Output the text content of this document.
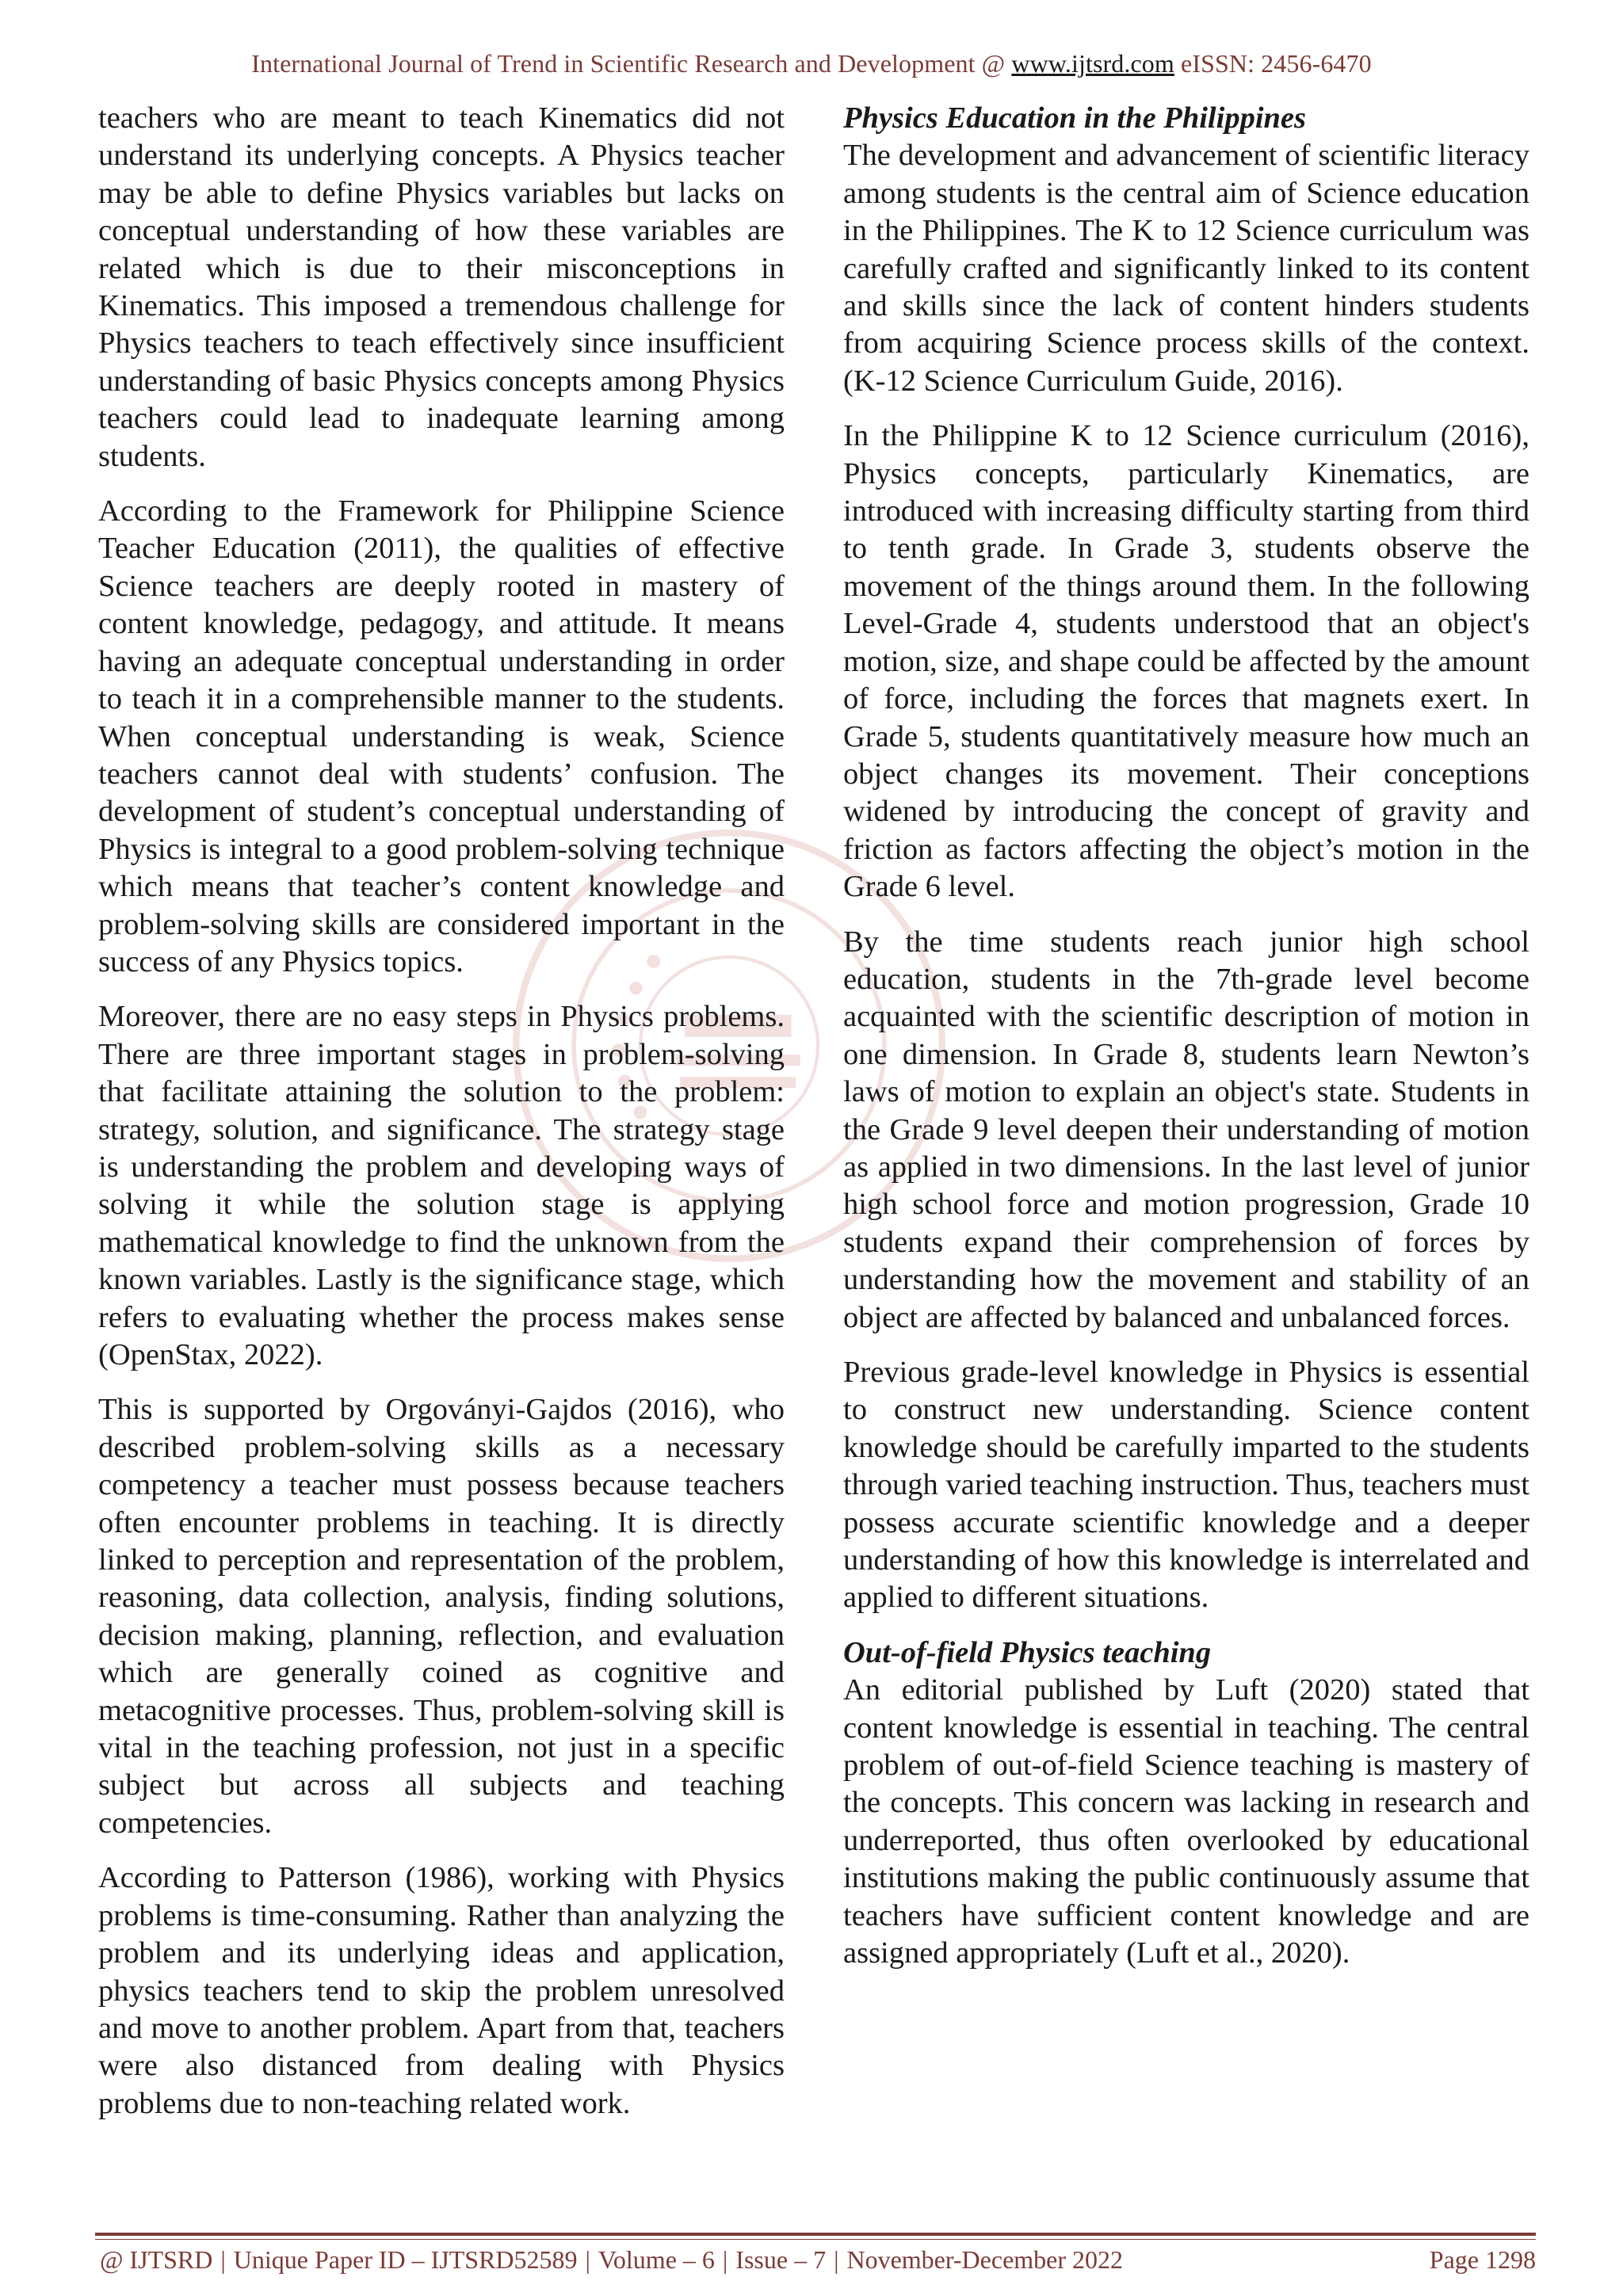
International Journal of Trend in Scientific Research and Development @ www.ijtsrd.com eISSN: 2456-6470

teachers who are meant to teach Kinematics did not understand its underlying concepts. A Physics teacher may be able to define Physics variables but lacks on conceptual understanding of how these variables are related which is due to their misconceptions in Kinematics. This imposed a tremendous challenge for Physics teachers to teach effectively since insufficient understanding of basic Physics concepts among Physics teachers could lead to inadequate learning among students.

According to the Framework for Philippine Science Teacher Education (2011), the qualities of effective Science teachers are deeply rooted in mastery of content knowledge, pedagogy, and attitude. It means having an adequate conceptual understanding in order to teach it in a comprehensible manner to the students. When conceptual understanding is weak, Science teachers cannot deal with students’ confusion. The development of student’s conceptual understanding of Physics is integral to a good problem-solving technique which means that teacher’s content knowledge and problem-solving skills are considered important in the success of any Physics topics.

Moreover, there are no easy steps in Physics problems. There are three important stages in problem-solving that facilitate attaining the solution to the problem: strategy, solution, and significance. The strategy stage is understanding the problem and developing ways of solving it while the solution stage is applying mathematical knowledge to find the unknown from the known variables. Lastly is the significance stage, which refers to evaluating whether the process makes sense (OpenStax, 2022).

This is supported by Orgoványi-Gajdos (2016), who described problem-solving skills as a necessary competency a teacher must possess because teachers often encounter problems in teaching. It is directly linked to perception and representation of the problem, reasoning, data collection, analysis, finding solutions, decision making, planning, reflection, and evaluation which are generally coined as cognitive and metacognitive processes. Thus, problem-solving skill is vital in the teaching profession, not just in a specific subject but across all subjects and teaching competencies.

According to Patterson (1986), working with Physics problems is time-consuming. Rather than analyzing the problem and its underlying ideas and application, physics teachers tend to skip the problem unresolved and move to another problem. Apart from that, teachers were also distanced from dealing with Physics problems due to non-teaching related work.

Physics Education in the Philippines

The development and advancement of scientific literacy among students is the central aim of Science education in the Philippines. The K to 12 Science curriculum was carefully crafted and significantly linked to its content and skills since the lack of content hinders students from acquiring Science process skills of the context. (K-12 Science Curriculum Guide, 2016).

In the Philippine K to 12 Science curriculum (2016), Physics concepts, particularly Kinematics, are introduced with increasing difficulty starting from third to tenth grade. In Grade 3, students observe the movement of the things around them. In the following Level-Grade 4, students understood that an object's motion, size, and shape could be affected by the amount of force, including the forces that magnets exert. In Grade 5, students quantitatively measure how much an object changes its movement. Their conceptions widened by introducing the concept of gravity and friction as factors affecting the object’s motion in the Grade 6 level.

By the time students reach junior high school education, students in the 7th-grade level become acquainted with the scientific description of motion in one dimension. In Grade 8, students learn Newton’s laws of motion to explain an object's state. Students in the Grade 9 level deepen their understanding of motion as applied in two dimensions. In the last level of junior high school force and motion progression, Grade 10 students expand their comprehension of forces by understanding how the movement and stability of an object are affected by balanced and unbalanced forces.

Previous grade-level knowledge in Physics is essential to construct new understanding. Science content knowledge should be carefully imparted to the students through varied teaching instruction. Thus, teachers must possess accurate scientific knowledge and a deeper understanding of how this knowledge is interrelated and applied to different situations.

Out-of-field Physics teaching

An editorial published by Luft (2020) stated that content knowledge is essential in teaching. The central problem of out-of-field Science teaching is mastery of the concepts. This concern was lacking in research and underreported, thus often overlooked by educational institutions making the public continuously assume that teachers have sufficient content knowledge and are assigned appropriately (Luft et al., 2020).

@ IJTSRD | Unique Paper ID – IJTSRD52589 | Volume – 6 | Issue – 7 | November-December 2022	Page 1298
